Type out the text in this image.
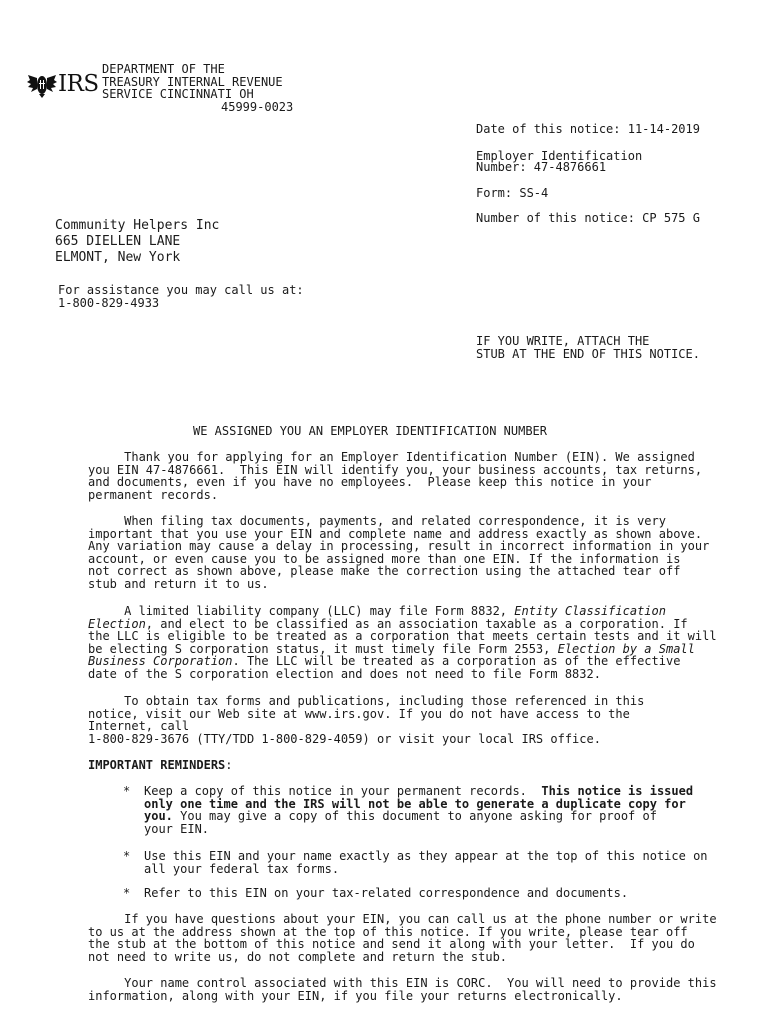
IRS
DEPARTMENT OF THE
TREASURY INTERNAL REVENUE
SERVICE CINCINNATI OH
45999-0023
Date of this notice: 11-14-2019
Employer Identification
Number: 47-4876661
Form: SS-4
Number of this notice: CP 575 G
Community Helpers Inc
665 DIELLEN LANE
ELMONT, New York
For assistance you may call us at:
1-800-829-4933
IF YOU WRITE, ATTACH THE
STUB AT THE END OF THIS NOTICE.
WE ASSIGNED YOU AN EMPLOYER IDENTIFICATION NUMBER
Thank you for applying for an Employer Identification Number (EIN). We assigned
you EIN 47-4876661.  This EIN will identify you, your business accounts, tax returns,
and documents, even if you have no employees.  Please keep this notice in your
permanent records.
When filing tax documents, payments, and related correspondence, it is very
important that you use your EIN and complete name and address exactly as shown above.
Any variation may cause a delay in processing, result in incorrect information in your
account, or even cause you to be assigned more than one EIN. If the information is
not correct as shown above, please make the correction using the attached tear off
stub and return it to us.
A limited liability company (LLC) may file Form 8832, Entity Classification
Election, and elect to be classified as an association taxable as a corporation. If
the LLC is eligible to be treated as a corporation that meets certain tests and it will
be electing S corporation status, it must timely file Form 2553, Election by a Small
Business Corporation. The LLC will be treated as a corporation as of the effective
date of the S corporation election and does not need to file Form 8832.
To obtain tax forms and publications, including those referenced in this
notice, visit our Web site at www.irs.gov. If you do not have access to the
Internet, call
1-800-829-3676 (TTY/TDD 1-800-829-4059) or visit your local IRS office.
IMPORTANT REMINDERS:
* Keep a copy of this notice in your permanent records.  This notice is issued
only one time and the IRS will not be able to generate a duplicate copy for
you. You may give a copy of this document to anyone asking for proof of
your EIN.
* Use this EIN and your name exactly as they appear at the top of this notice on
all your federal tax forms.
* Refer to this EIN on your tax-related correspondence and documents.
If you have questions about your EIN, you can call us at the phone number or write
to us at the address shown at the top of this notice. If you write, please tear off
the stub at the bottom of this notice and send it along with your letter.  If you do
not need to write us, do not complete and return the stub.
Your name control associated with this EIN is CORC.  You will need to provide this
information, along with your EIN, if you file your returns electronically.
